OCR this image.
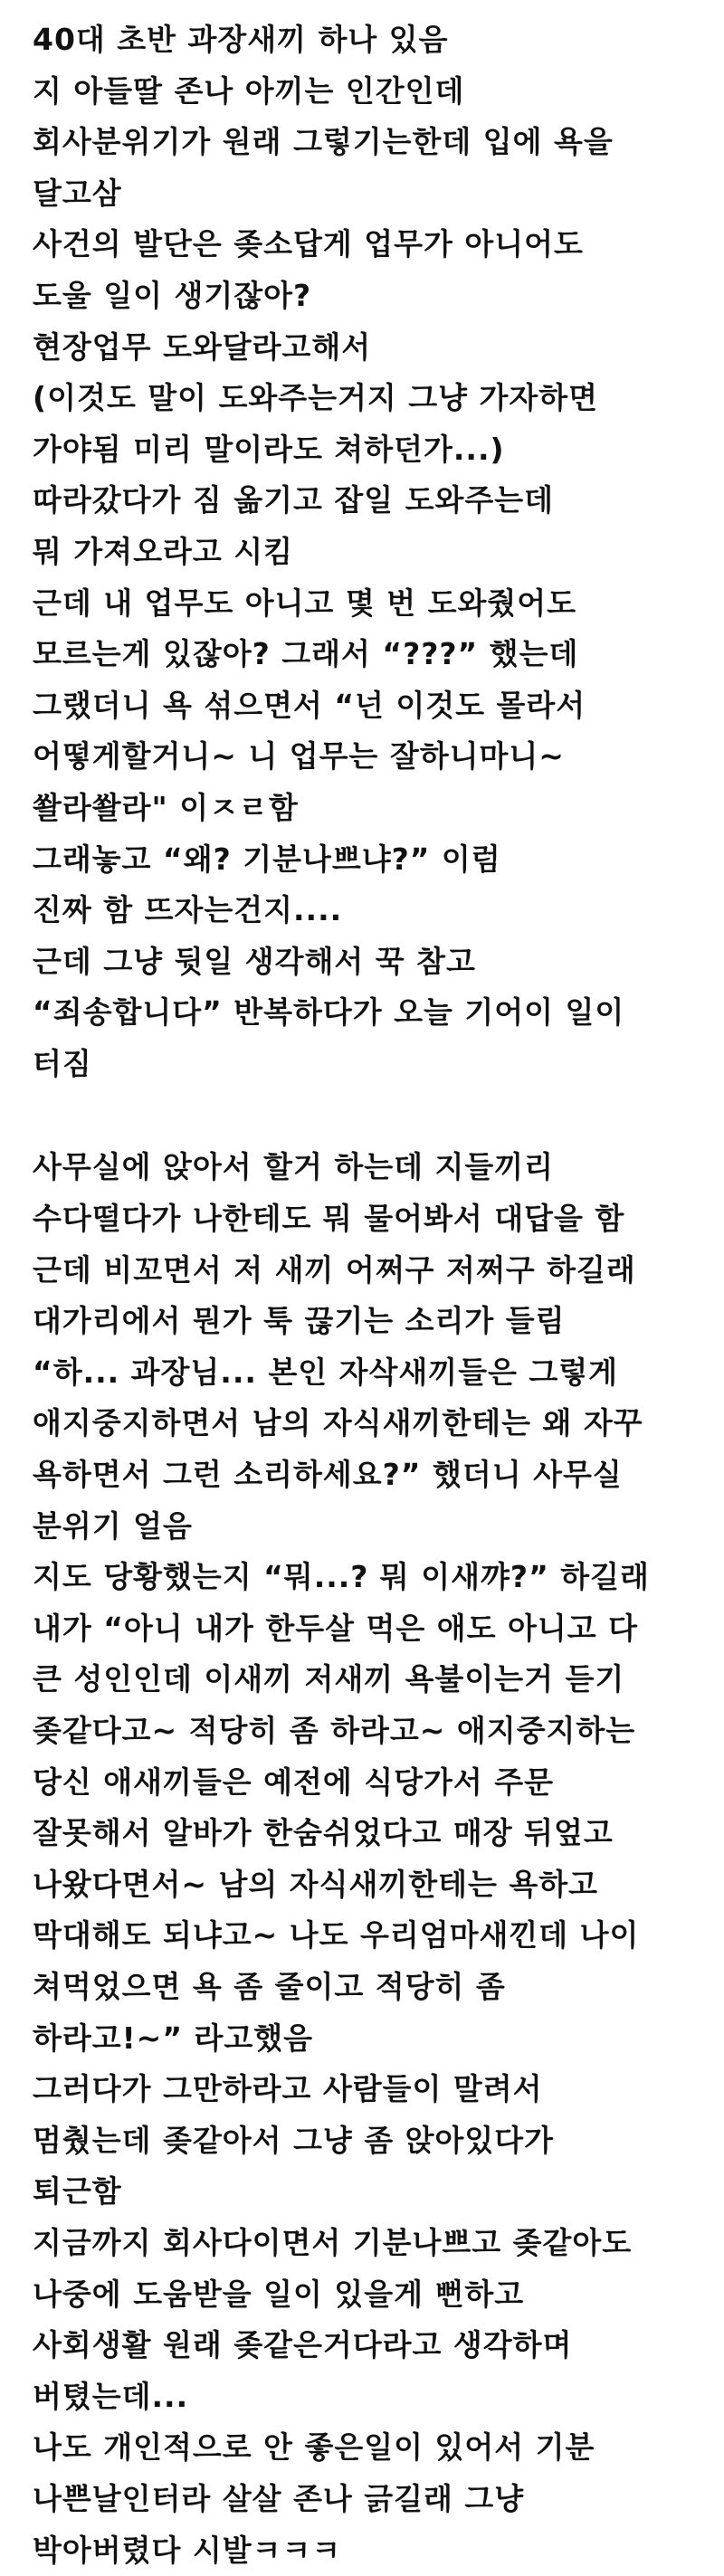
40대 초반 과장새끼 하나 있음
지 아들딸 존나 아끼는 인간인데
회사분위기가 원래 그렇기는한데 입에 욕을
달고삼
사건의 발단은 좆소답게 업무가 아니어도
도울 일이 생기잖아?
현장업무 도와달라고해서
(이것도 말이 도와주는거지 그냥 가자하면
가야됨 미리 말이라도 쳐하던가...)
따라갔다가 짐 옮기고 잡일 도와주는데
뭐 가져오라고 시킴
근데 내 업무도 아니고 몇 번 도와줬어도
모르는게 있잖아? 그래서 “???” 했는데
그랬더니 욕 섞으면서 “넌 이것도 몰라서
어떻게할거니~ 니 업무는 잘하니마니~
쏼라쏼라" 이ㅈㄹ함
그래놓고 “왜? 기분나쁘냐?” 이럼
진짜 함 뜨자는건지....
근데 그냥 뒷일 생각해서 꾹 참고
“죄송합니다” 반복하다가 오늘 기어이 일이
터짐
사무실에 앉아서 할거 하는데 지들끼리
수다떨다가 나한테도 뭐 물어봐서 대답을 함
근데 비꼬면서 저 새끼 어쩌구 저쩌구 하길래
대가리에서 뭔가 툭 끊기는 소리가 들림
“하... 과장님... 본인 자삭새끼들은 그렇게
애지중지하면서 남의 자식새끼한테는 왜 자꾸
욕하면서 그런 소리하세요?” 했더니 사무실
분위기 얼음
지도 당황했는지 “뭐...? 뭐 이새꺄?” 하길래
내가 “아니 내가 한두살 먹은 애도 아니고 다
큰 성인인데 이새끼 저새끼 욕불이는거 듣기
좆같다고~ 적당히 좀 하라고~ 애지중지하는
당신 애새끼들은 예전에 식당가서 주문
잘못해서 알바가 한숨쉬었다고 매장 뒤엎고
나왔다면서~ 남의 자식새끼한테는 욕하고
막대해도 되냐고~ 나도 우리엄마새낀데 나이
쳐먹었으면 욕 좀 줄이고 적당히 좀
하라고!~” 라고했음
그러다가 그만하라고 사람들이 말려서
멈췄는데 좆같아서 그냥 좀 앉아있다가
퇴근함
지금까지 회사다이면서 기분나쁘고 좆같아도
나중에 도움받을 일이 있을게 뻔하고
사회생활 원래 좆같은거다라고 생각하며
버텼는데...
나도 개인적으로 안 좋은일이 있어서 기분
나쁜날인터라 살살 존나 긁길래 그냥
박아버렸다 시발ㅋㅋㅋ
